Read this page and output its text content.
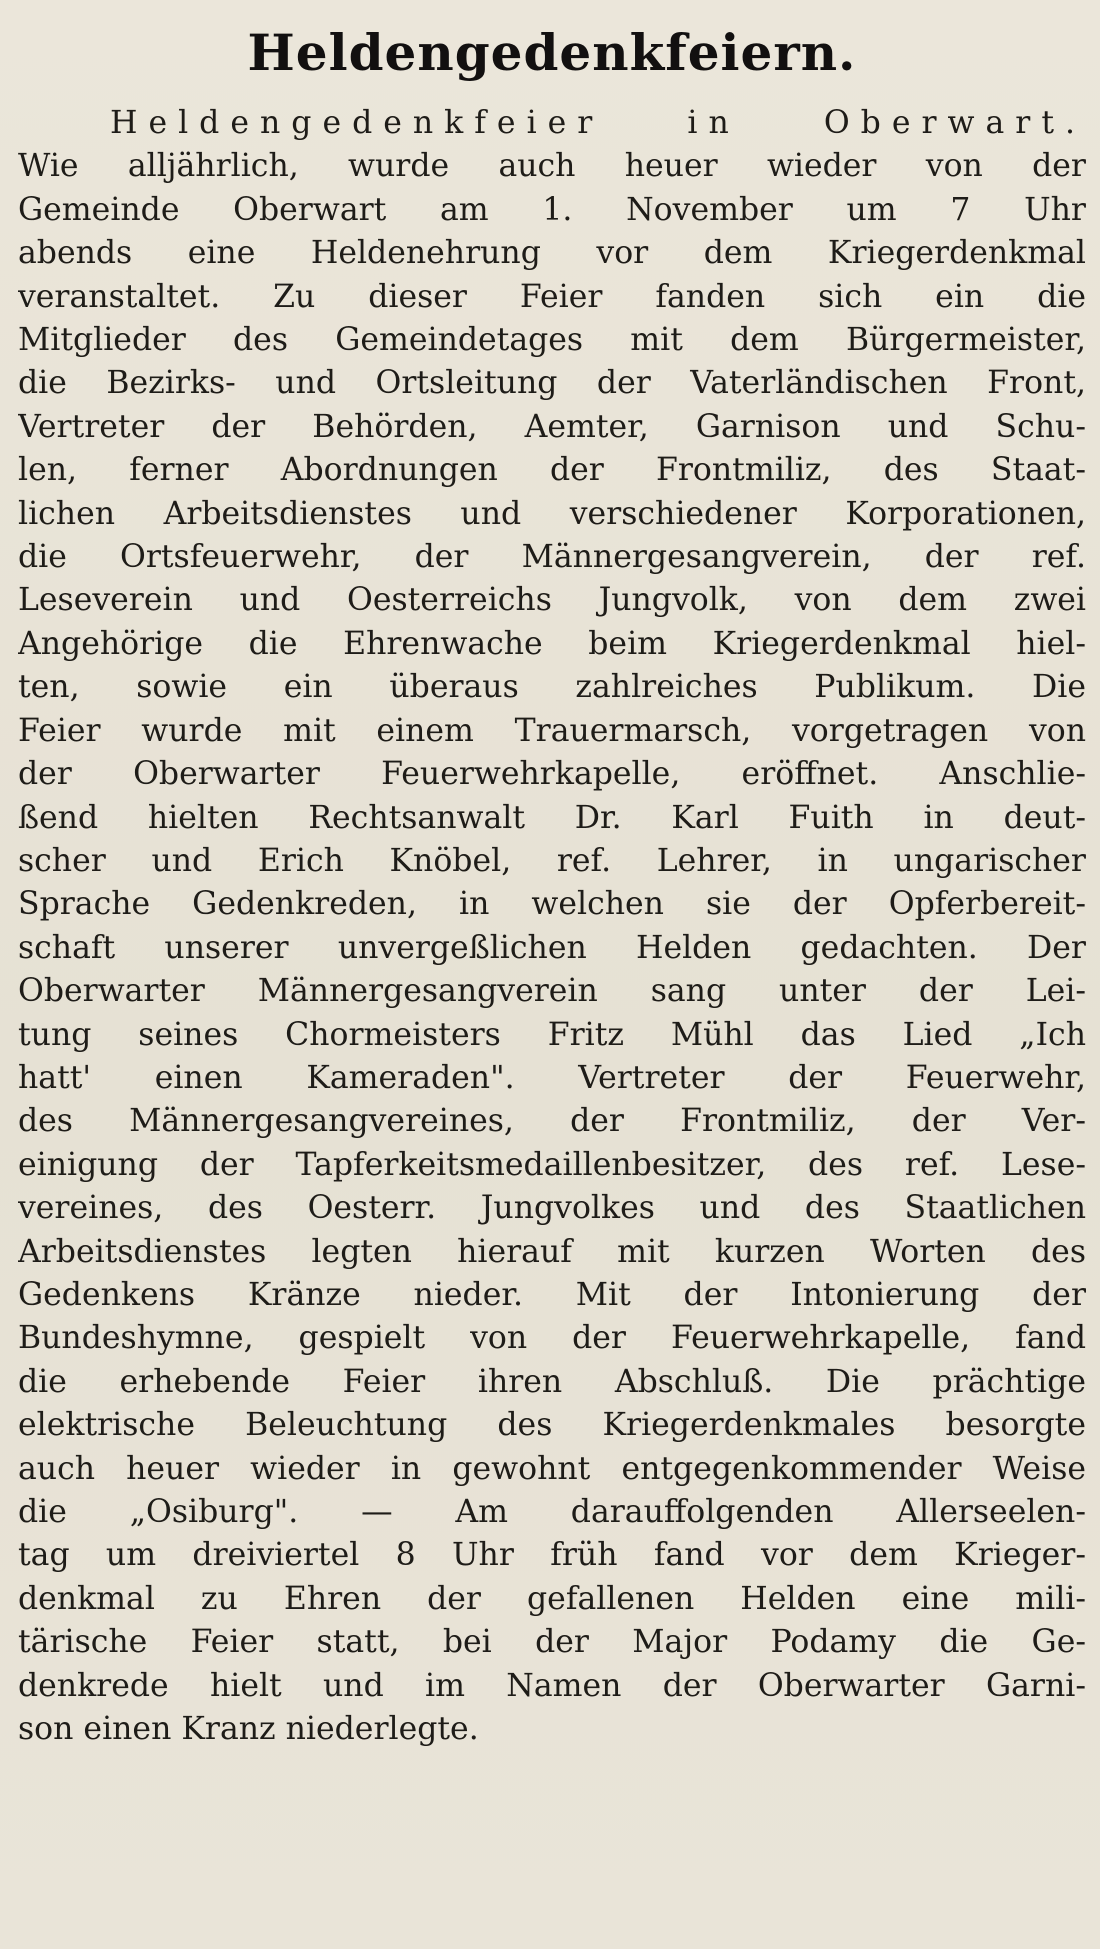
Heldengedenkfeiern.
Heldengedenkfeier in Oberwart.
Wie alljährlich, wurde auch heuer wieder von der
Gemeinde Oberwart am 1. November um 7 Uhr
abends eine Heldenehrung vor dem Kriegerdenkmal
veranstaltet. Zu dieser Feier fanden sich ein die
Mitglieder des Gemeindetages mit dem Bürgermeister,
die Bezirks- und Ortsleitung der Vaterländischen Front,
Vertreter der Behörden, Aemter, Garnison und Schu-
len, ferner Abordnungen der Frontmiliz, des Staat-
lichen Arbeitsdienstes und verschiedener Korporationen,
die Ortsfeuerwehr, der Männergesangverein, der ref.
Leseverein und Oesterreichs Jungvolk, von dem zwei
Angehörige die Ehrenwache beim Kriegerdenkmal hiel-
ten, sowie ein überaus zahlreiches Publikum. Die
Feier wurde mit einem Trauermarsch, vorgetragen von
der Oberwarter Feuerwehrkapelle, eröffnet. Anschlie-
ßend hielten Rechtsanwalt Dr. Karl Fuith in deut-
scher und Erich Knöbel, ref. Lehrer, in ungarischer
Sprache Gedenkreden, in welchen sie der Opferbereit-
schaft unserer unvergeßlichen Helden gedachten. Der
Oberwarter Männergesangverein sang unter der Lei-
tung seines Chormeisters Fritz Mühl das Lied „Ich
hatt' einen Kameraden". Vertreter der Feuerwehr,
des Männergesangvereines, der Frontmiliz, der Ver-
einigung der Tapferkeitsmedaillenbesitzer, des ref. Lese-
vereines, des Oesterr. Jungvolkes und des Staatlichen
Arbeitsdienstes legten hierauf mit kurzen Worten des
Gedenkens Kränze nieder. Mit der Intonierung der
Bundeshymne, gespielt von der Feuerwehrkapelle, fand
die erhebende Feier ihren Abschluß. Die prächtige
elektrische Beleuchtung des Kriegerdenkmales besorgte
auch heuer wieder in gewohnt entgegenkommender Weise
die „Osiburg". — Am darauffolgenden Allerseelen-
tag um dreiviertel 8 Uhr früh fand vor dem Krieger-
denkmal zu Ehren der gefallenen Helden eine mili-
tärische Feier statt, bei der Major Podamy die Ge-
denkrede hielt und im Namen der Oberwarter Garni-
son einen Kranz niederlegte.
